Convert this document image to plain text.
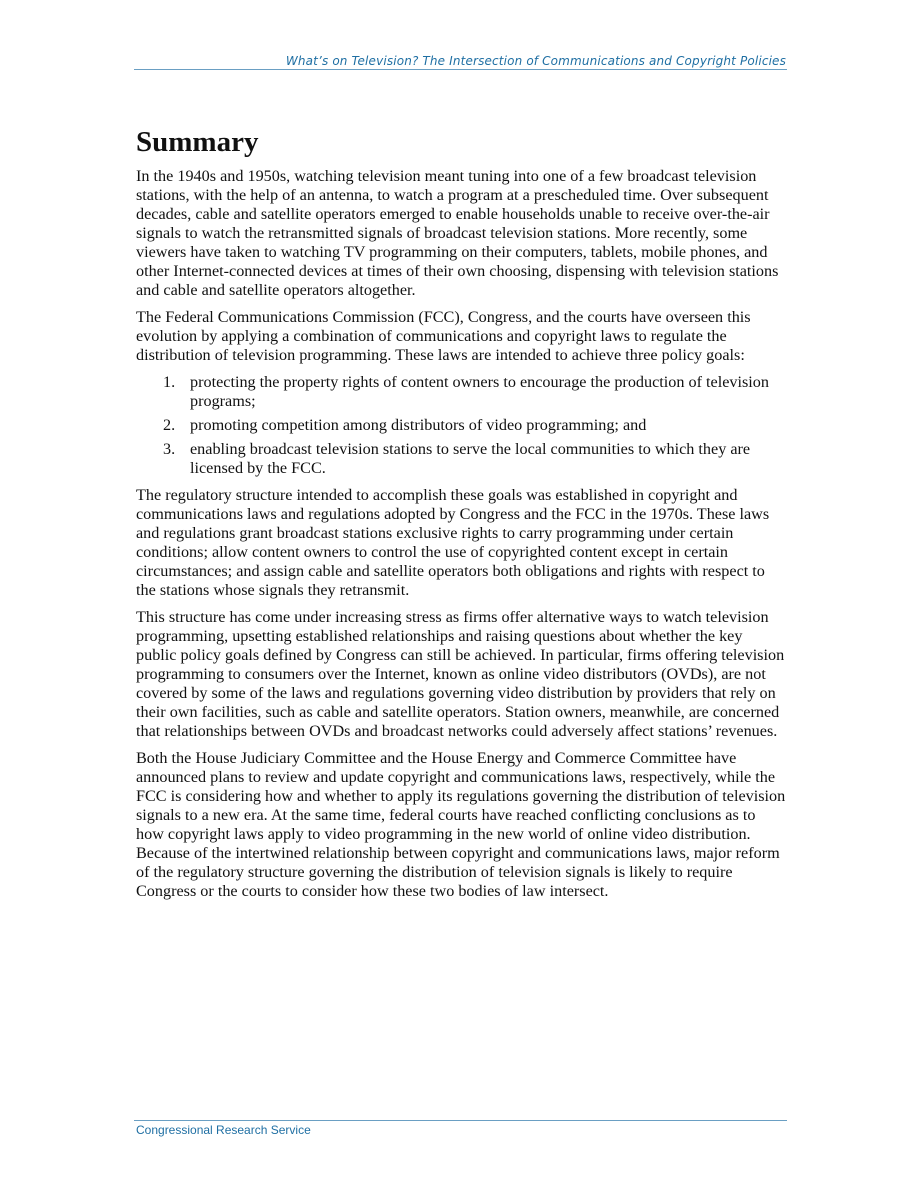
What’s on Television? The Intersection of Communications and Copyright Policies
Summary

In the 1940s and 1950s, watching television meant tuning into one of a few broadcast television stations, with the help of an antenna, to watch a program at a prescheduled time. Over subsequent decades, cable and satellite operators emerged to enable households unable to receive over-the-air signals to watch the retransmitted signals of broadcast television stations. More recently, some viewers have taken to watching TV programming on their computers, tablets, mobile phones, and other Internet-connected devices at times of their own choosing, dispensing with television stations and cable and satellite operators altogether.

The Federal Communications Commission (FCC), Congress, and the courts have overseen this evolution by applying a combination of communications and copyright laws to regulate the distribution of television programming. These laws are intended to achieve three policy goals:

1. protecting the property rights of content owners to encourage the production of television programs;
2. promoting competition among distributors of video programming; and
3. enabling broadcast television stations to serve the local communities to which they are licensed by the FCC.

The regulatory structure intended to accomplish these goals was established in copyright and communications laws and regulations adopted by Congress and the FCC in the 1970s. These laws and regulations grant broadcast stations exclusive rights to carry programming under certain conditions; allow content owners to control the use of copyrighted content except in certain circumstances; and assign cable and satellite operators both obligations and rights with respect to the stations whose signals they retransmit.

This structure has come under increasing stress as firms offer alternative ways to watch television programming, upsetting established relationships and raising questions about whether the key public policy goals defined by Congress can still be achieved. In particular, firms offering television programming to consumers over the Internet, known as online video distributors (OVDs), are not covered by some of the laws and regulations governing video distribution by providers that rely on their own facilities, such as cable and satellite operators. Station owners, meanwhile, are concerned that relationships between OVDs and broadcast networks could adversely affect stations’ revenues.

Both the House Judiciary Committee and the House Energy and Commerce Committee have announced plans to review and update copyright and communications laws, respectively, while the FCC is considering how and whether to apply its regulations governing the distribution of television signals to a new era. At the same time, federal courts have reached conflicting conclusions as to how copyright laws apply to video programming in the new world of online video distribution. Because of the intertwined relationship between copyright and communications laws, major reform of the regulatory structure governing the distribution of television signals is likely to require Congress or the courts to consider how these two bodies of law intersect.

Congressional Research Service
